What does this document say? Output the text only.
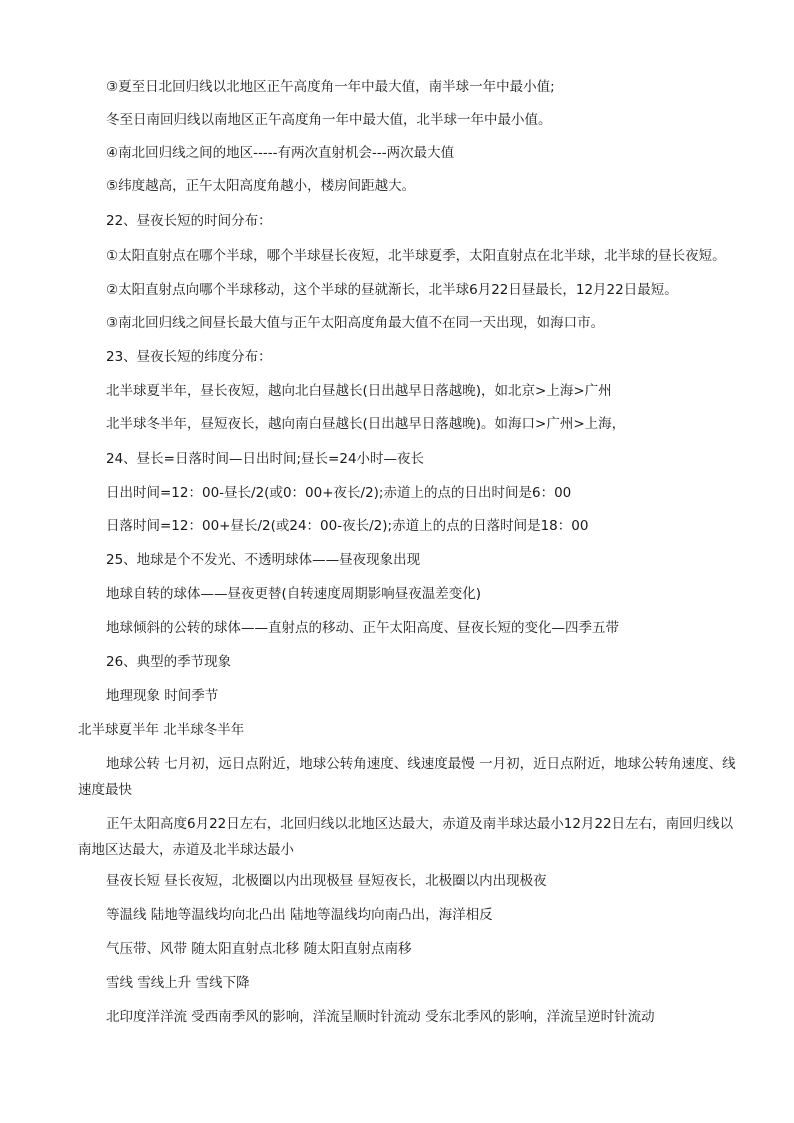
③夏至日北回归线以北地区正午高度角一年中最大值，南半球一年中最小值;
冬至日南回归线以南地区正午高度角一年中最大值，北半球一年中最小值。
④南北回归线之间的地区-----有两次直射机会---两次最大值
⑤纬度越高，正午太阳高度角越小，楼房间距越大。
22、昼夜长短的时间分布：
①太阳直射点在哪个半球，哪个半球昼长夜短，北半球夏季，太阳直射点在北半球，北半球的昼长夜短。
②太阳直射点向哪个半球移动，这个半球的昼就渐长，北半球6月22日昼最长，12月22日最短。
③南北回归线之间昼长最大值与正午太阳高度角最大值不在同一天出现，如海口市。
23、昼夜长短的纬度分布：
北半球夏半年，昼长夜短，越向北白昼越长(日出越早日落越晚)，如北京>上海>广州
北半球冬半年，昼短夜长，越向南白昼越长(日出越早日落越晚)。如海口>广州>上海，
24、昼长=日落时间—日出时间;昼长=24小时—夜长
日出时间=12：00-昼长/2(或0：00+夜长/2);赤道上的点的日出时间是6：00
日落时间=12：00+昼长/2(或24：00-夜长/2);赤道上的点的日落时间是18：00
25、地球是个不发光、不透明球体——昼夜现象出现
地球自转的球体——昼夜更替(自转速度周期影响昼夜温差变化)
地球倾斜的公转的球体——直射点的移动、正午太阳高度、昼夜长短的变化—四季五带
26、典型的季节现象
地理现象 时间季节
北半球夏半年 北半球冬半年
地球公转 七月初，远日点附近，地球公转角速度、线速度最慢 一月初，近日点附近，地球公转角速度、线速度最快
正午太阳高度6月22日左右，北回归线以北地区达最大，赤道及南半球达最小12月22日左右，南回归线以南地区达最大，赤道及北半球达最小
昼夜长短 昼长夜短，北极圈以内出现极昼 昼短夜长，北极圈以内出现极夜
等温线 陆地等温线均向北凸出 陆地等温线均向南凸出，海洋相反
气压带、风带 随太阳直射点北移 随太阳直射点南移
雪线 雪线上升 雪线下降
北印度洋洋流 受西南季风的影响，洋流呈顺时针流动 受东北季风的影响，洋流呈逆时针流动
